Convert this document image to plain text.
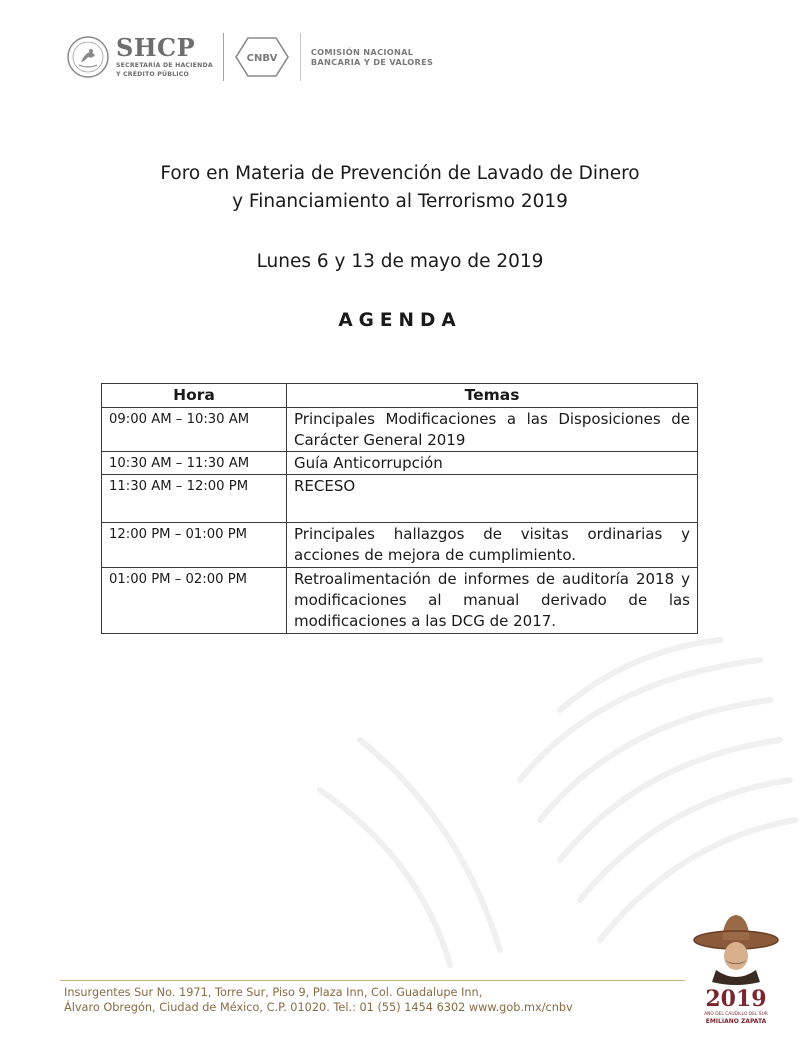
SHCP
SECRETARÍA DE HACIENDA
Y CRÉDITO PÚBLICO
CNBV
COMISIÓN NACIONAL
BANCARIA Y DE VALORES
Foro en Materia de Prevención de Lavado de Dinero
y Financiamiento al Terrorismo 2019
Lunes 6 y 13 de mayo de 2019
AGENDA
Hora	Temas
09:00 AM – 10:30 AM	Principales Modificaciones a las Disposiciones de Carácter General 2019
10:30 AM – 11:30 AM	Guía Anticorrupción
11:30 AM – 12:00 PM	RECESO
12:00 PM – 01:00 PM	Principales hallazgos de visitas ordinarias y acciones de mejora de cumplimiento.
01:00 PM – 02:00 PM	Retroalimentación de informes de auditoría 2018 y modificaciones al manual derivado de las modificaciones a las DCG de 2017.
2019
AÑO DEL CAUDILLO DEL SUR
EMILIANO ZAPATA
Insurgentes Sur No. 1971, Torre Sur, Piso 9, Plaza Inn, Col. Guadalupe Inn,
Álvaro Obregón, Ciudad de México, C.P. 01020. Tel.: 01 (55) 1454 6302 www.gob.mx/cnbv
